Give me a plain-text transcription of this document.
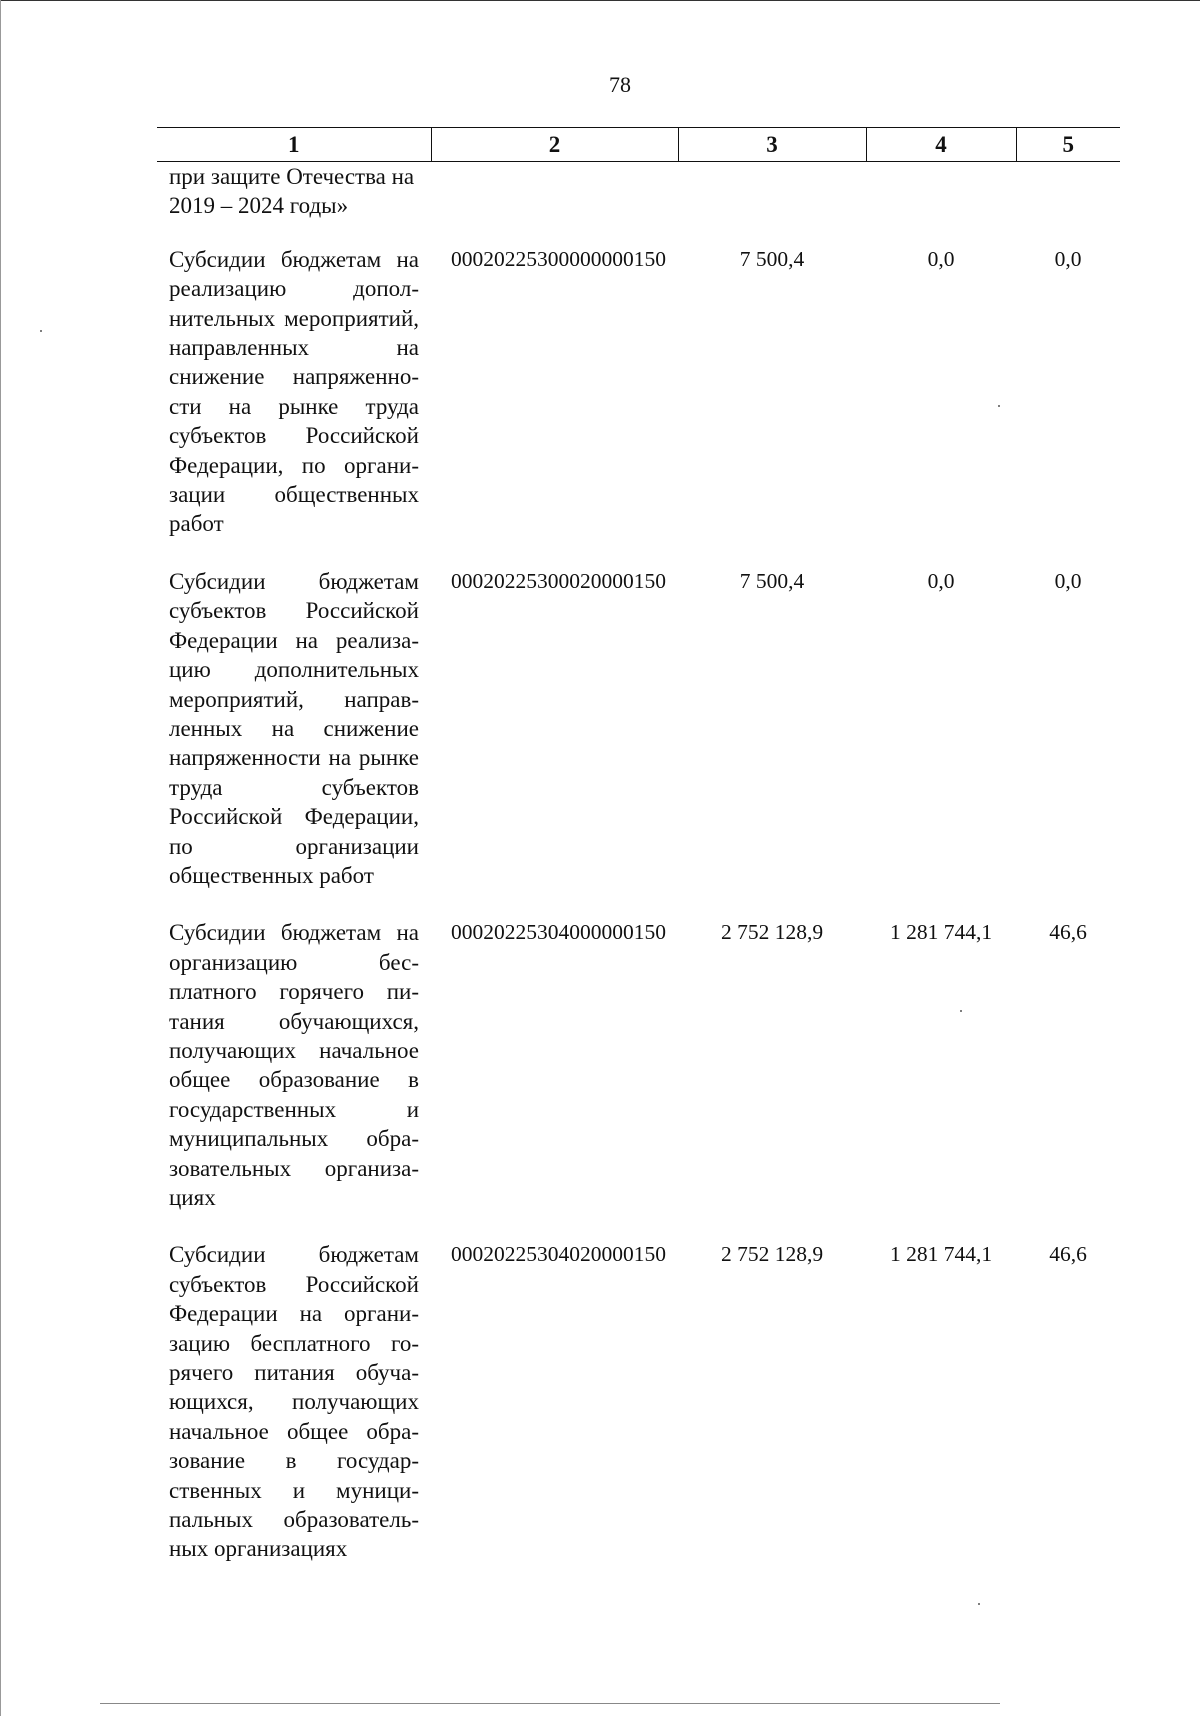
78
1	2	3	4	5
при защите Отечества на 2019 – 2024 годы»				
Субсидии бюджетам на реализацию дополнительных мероприятий, направленных на снижение напряженности на рынке труда субъектов Российской Федерации, по организации общественных работ	00020225300000000150	7 500,4	0,0	0,0
Субсидии бюджетам субъектов Российской Федерации на реализацию дополнительных мероприятий, направленных на снижение напряженности на рынке труда субъектов Российской Федерации, по организации общественных работ	00020225300020000150	7 500,4	0,0	0,0
Субсидии бюджетам на организацию бесплатного горячего питания обучающихся, получающих начальное общее образование в государственных и муниципальных образовательных организациях	00020225304000000150	2 752 128,9	1 281 744,1	46,6
Субсидии бюджетам субъектов Российской Федерации на организацию бесплатного горячего питания обучающихся, получающих начальное общее образование в государственных и муниципальных образовательных организациях	00020225304020000150	2 752 128,9	1 281 744,1	46,6
